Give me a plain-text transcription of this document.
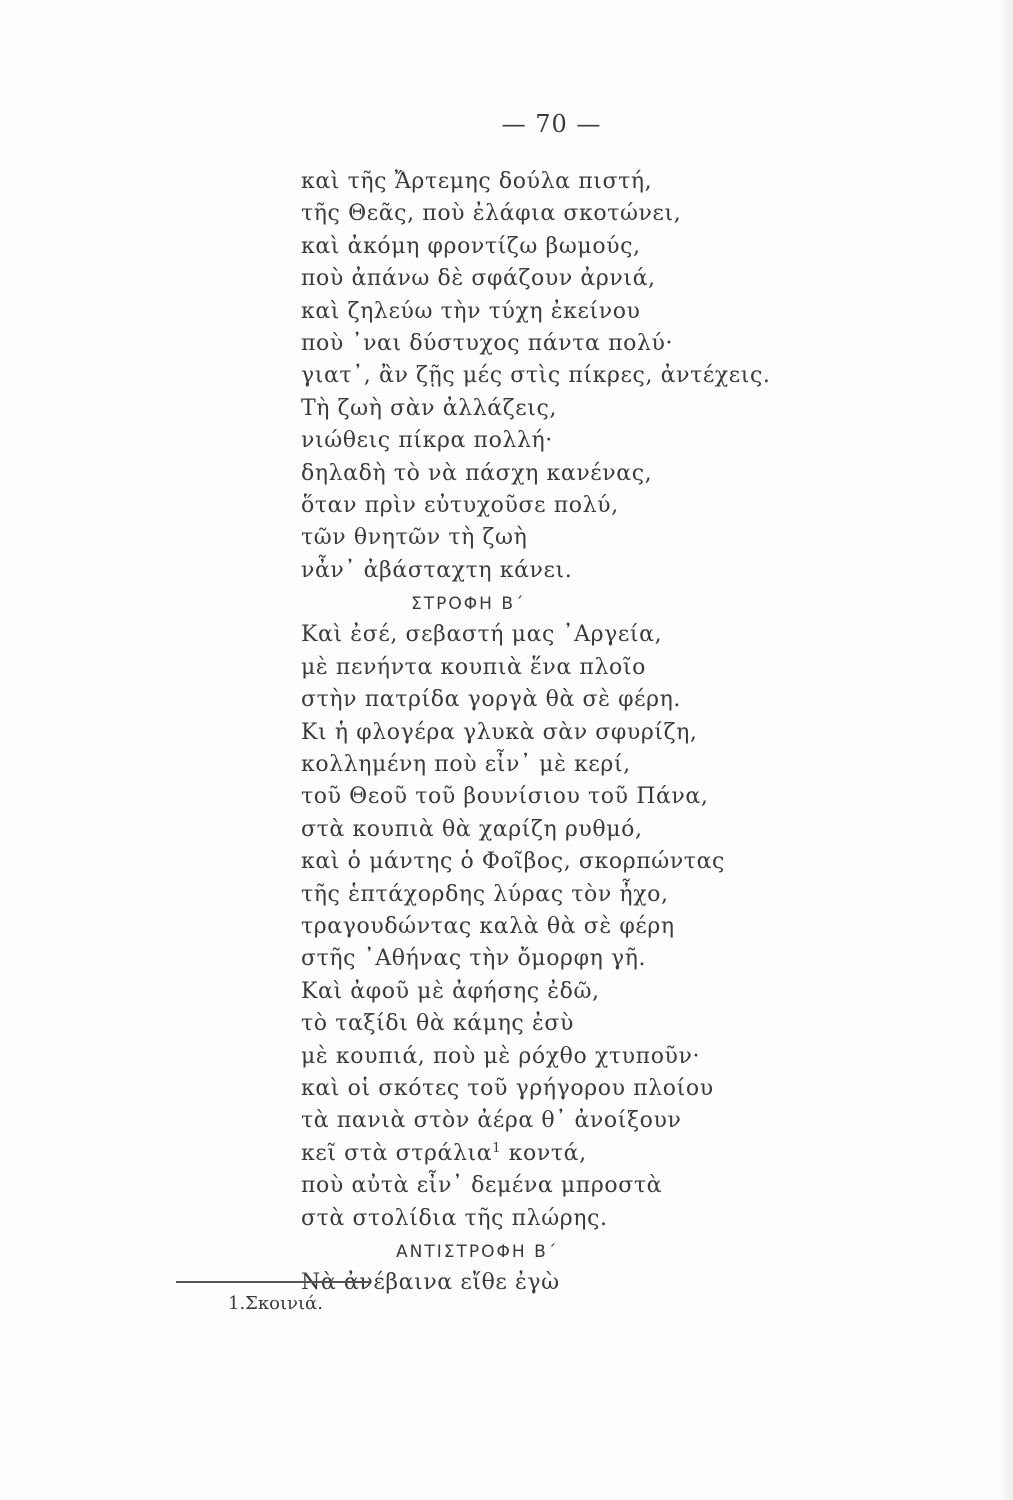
— 70 —
καὶ τῆς Ἄρτεμης δούλα πιστή,
τῆς Θεᾶς, ποὺ ἐλάφια σκοτώνει,
καὶ ἀκόμη φροντίζω βωμούς,
ποὺ ἀπάνω δὲ σφάζουν ἀρνιά,
καὶ ζηλεύω τὴν τύχη ἐκείνου
ποὺ ᾿ναι δύστυχος πάντα πολύ·
γιατ᾿, ἂν ζῇς μές στὶς πίκρες, ἀντέχεις.
Τὴ ζωὴ σὰν ἀλλάζεις,
νιώθεις πίκρα πολλή·
δηλαδὴ τὸ νὰ πάσχη κανένας,
ὅταν πρὶν εὐτυχοῦσε πολύ,
τῶν θνητῶν τὴ ζωὴ
νἆν᾿ ἀβάσταχτη κάνει.
ΣΤΡΟΦΗ Β΄
Καὶ ἐσέ, σεβαστή μας ᾿Αργεία,
μὲ πενήντα κουπιὰ ἕνα πλοῖο
στὴν πατρίδα γοργὰ θὰ σὲ φέρη.
Κι ἡ φλογέρα γλυκὰ σὰν σφυρίζη,
κολλημένη ποὺ εἶν᾿ μὲ κερί,
τοῦ Θεοῦ τοῦ βουνίσιου τοῦ Πάνα,
στὰ κουπιὰ θὰ χαρίζη ρυθμό,
καὶ ὁ μάντης ὁ Φοῖβος, σκορπώντας
τῆς ἑπτάχορδης λύρας τὸν ἦχο,
τραγουδώντας καλὰ θὰ σὲ φέρη
στῆς ᾿Αθήνας τὴν ὄμορφη γῆ.
Καὶ ἀφοῦ μὲ ἀφήσης ἐδῶ,
τὸ ταξίδι θὰ κάμης ἐσὺ
μὲ κουπιά, ποὺ μὲ ρόχθο χτυποῦν·
καὶ οἱ σκότες τοῦ γρήγορου πλοίου
τὰ πανιὰ στὸν ἀέρα θ᾿ ἀνοίξουν
κεῖ στὰ στράλια$^1$ κοντά,
ποὺ αὐτὰ εἶν᾿ δεμένα μπροστὰ
στὰ στολίδια τῆς πλώρης.
ΑΝΤΙΣΤΡΟΦΗ Β΄
Νὰ ἀνέβαινα εἴθε ἐγὼ
1.Σκοινιά.
